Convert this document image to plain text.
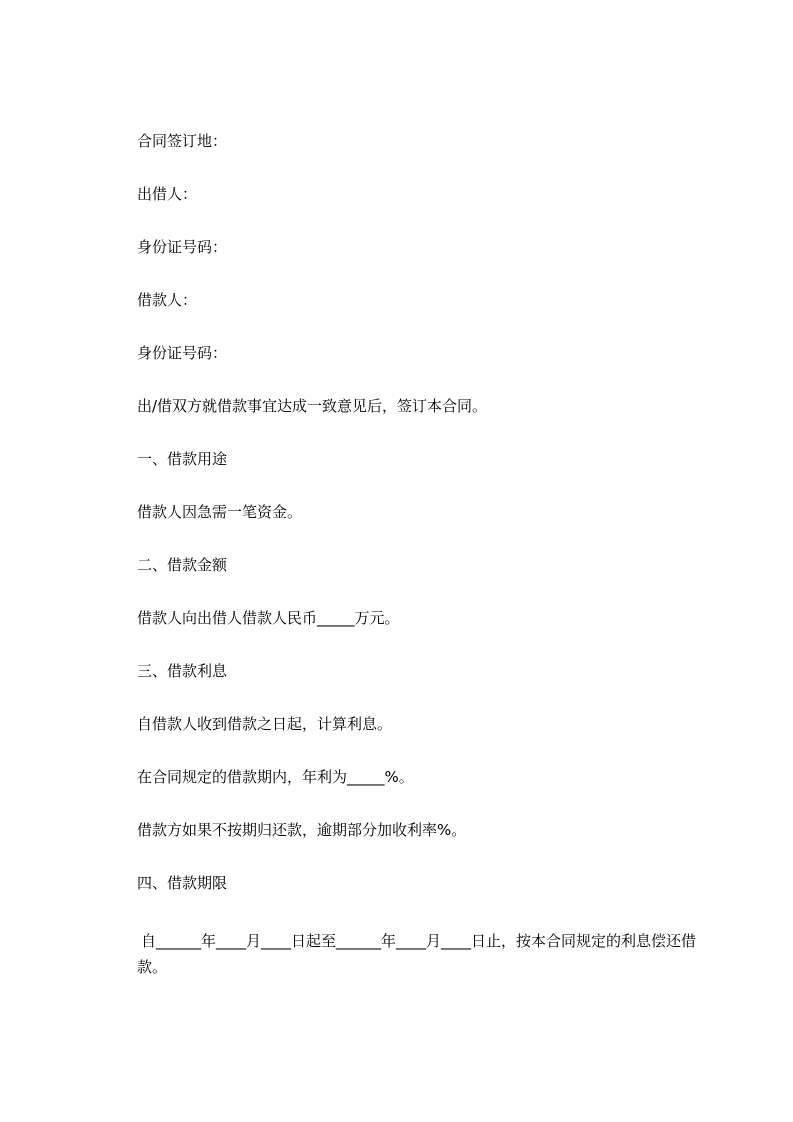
合同签订地：

出借人：

身份证号码：

借款人：

身份证号码：

出/借双方就借款事宜达成一致意见后，签订本合同。

一、借款用途

借款人因急需一笔资金。

二、借款金额

借款人向出借人借款人民币_____万元。

三、借款利息

自借款人收到借款之日起，计算利息。

在合同规定的借款期内，年利为_____%。

借款方如果不按期归还款，逾期部分加收利率%。

四、借款期限

自______年____月____日起至______年____月____日止，按本合同规定的利息偿还借款。
